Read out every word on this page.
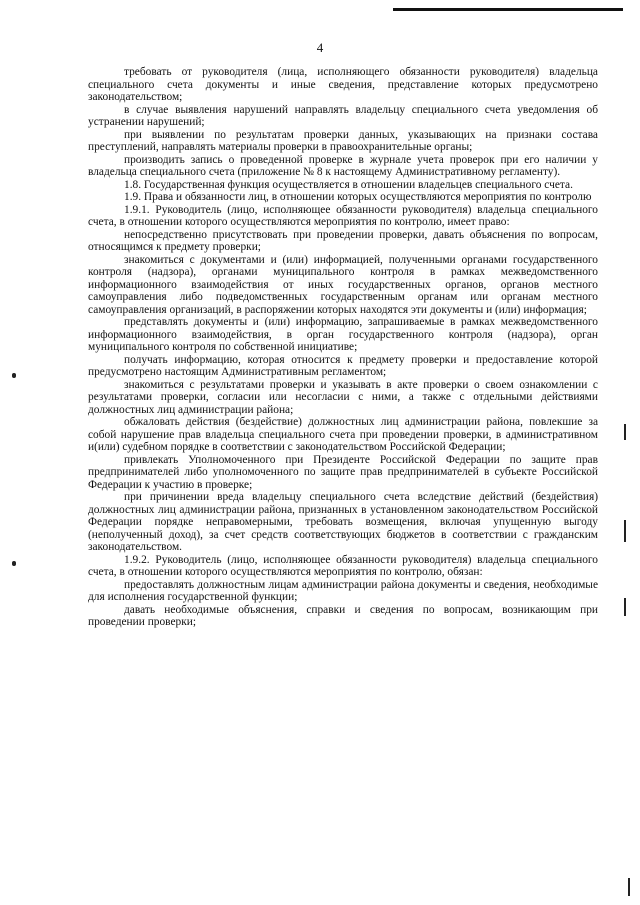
4

требовать от руководителя (лица, исполняющего обязанности руководителя) владельца специального счета документы и иные сведения, представление которых предусмотрено законодательством;

в случае выявления нарушений направлять владельцу специального счета уведомления об устранении нарушений;

при выявлении по результатам проверки данных, указывающих на признаки состава преступлений, направлять материалы проверки в правоохранительные органы;

производить запись о проведенной проверке в журнале учета проверок при его наличии у владельца специального счета (приложение № 8 к настоящему Административному регламенту).

1.8. Государственная функция осуществляется в отношении владельцев специального счета.

1.9. Права и обязанности лиц, в отношении которых осуществляются мероприятия по контролю

1.9.1. Руководитель (лицо, исполняющее обязанности руководителя) владельца специального счета, в отношении которого осуществляются мероприятия по контролю, имеет право:

непосредственно присутствовать при проведении проверки, давать объяснения по вопросам, относящимся к предмету проверки;

знакомиться с документами и (или) информацией, полученными органами государственного контроля (надзора), органами муниципального контроля в рамках межведомственного информационного взаимодействия от иных государственных органов, органов местного самоуправления либо подведомственных государственным органам или органам местного самоуправления организаций, в распоряжении которых находятся эти документы и (или) информация;

представлять документы и (или) информацию, запрашиваемые в рамках межведомственного информационного взаимодействия, в орган государственного контроля (надзора), орган муниципального контроля по собственной инициативе;

получать информацию, которая относится к предмету проверки и предоставление которой предусмотрено настоящим Административным регламентом;

знакомиться с результатами проверки и указывать в акте проверки о своем ознакомлении с результатами проверки, согласии или несогласии с ними, а также с отдельными действиями должностных лиц администрации района;

обжаловать действия (бездействие) должностных лиц администрации района, повлекшие за собой нарушение прав владельца специального счета при проведении проверки, в административном и(или) судебном порядке в соответствии с законодательством Российской Федерации;

привлекать Уполномоченного при Президенте Российской Федерации по защите прав предпринимателей либо уполномоченного по защите прав предпринимателей в субъекте Российской Федерации к участию в проверке;

при причинении вреда владельцу специального счета вследствие действий (бездействия) должностных лиц администрации района, признанных в установленном законодательством Российской Федерации порядке неправомерными, требовать возмещения, включая упущенную выгоду (неполученный доход), за счет средств соответствующих бюджетов в соответствии с гражданским законодательством.

1.9.2. Руководитель (лицо, исполняющее обязанности руководителя) владельца специального счета, в отношении которого осуществляются мероприятия по контролю, обязан:

предоставлять должностным лицам администрации района документы и сведения, необходимые для исполнения государственной функции;

давать необходимые объяснения, справки и сведения по вопросам, возникающим при проведении проверки;
